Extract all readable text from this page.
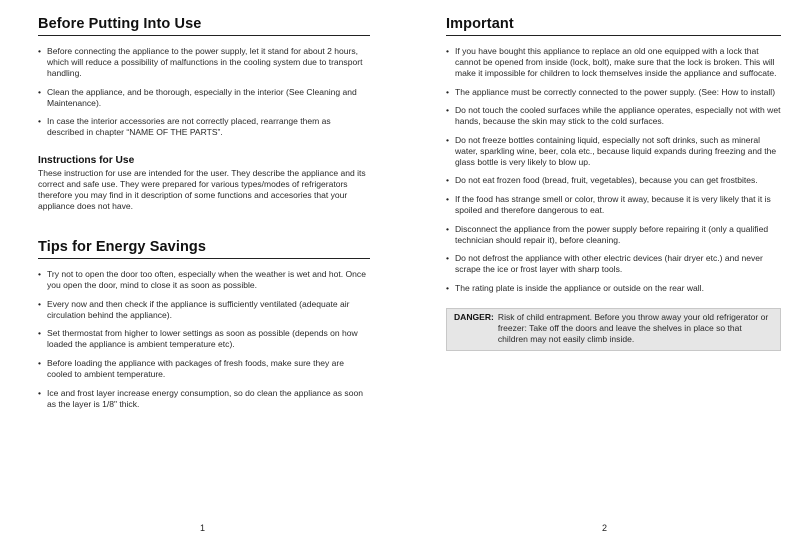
Before Putting Into Use
• Before connecting the appliance to the power supply, let it stand for about 2 hours, which will reduce a possibility of malfunctions in the cooling system due to transport handling.
• Clean the appliance, and be thorough, especially in the interior (See Cleaning and Maintenance).
• In case the interior accessories are not correctly placed, rearrange them as described in chapter “NAME OF THE PARTS”.
Instructions for Use

These instruction for use are intended for the user. They describe the appliance and its correct and safe use. They were prepared for various types/modes of refrigerators therefore you may find in it description of some functions and accesories that your appliance does not have.

Tips for Energy Savings
• Try not to open the door too often, especially when the weather is wet and hot. Once you open the door, mind to close it as soon as possible.
• Every now and then check if the appliance is sufficiently ventilated (adequate air circulation behind the appliance).
• Set thermostat from higher to lower settings as soon as possible (depends on how loaded the appliance is ambient temperature etc).
• Before loading the appliance with packages of fresh foods, make sure they are cooled to ambient temperature.
• Ice and frost layer increase energy consumption, so do clean the appliance as soon as the layer is 1/8" thick.
1
Important
• If you have bought this appliance to replace an old one equipped with a lock that cannot be opened from inside (lock, bolt), make sure that the lock is broken. This will make it impossible for children to lock themselves inside the appliance and suffocate.
• The appliance must be correctly connected to the power supply. (See: How to install)
• Do not touch the cooled surfaces while the appliance operates, especially not with wet hands, because the skin may stick to the cold surfaces.
• Do not freeze bottles containing liquid, especially not soft drinks, such as mineral water, sparkling wine, beer, cola etc., because liquid expands during freezing and the glass bottle is very likely to blow up.
• Do not eat frozen food (bread, fruit, vegetables), because you can get frostbites.
• If the food has strange smell or color, throw it away, because it is very likely that it is spoiled and therefore dangerous to eat.
• Disconnect the appliance from the power supply before repairing it (only a qualified technician should repair it), before cleaning.
• Do not defrost the appliance with other electric devices (hair dryer etc.) and never scrape the ice or frost layer with sharp tools.
• The rating plate is inside the appliance or outside on the rear wall.
DANGER: Risk of child entrapment. Before you throw away your old refrigerator or freezer: Take off the doors and leave the shelves in place so that children may not easily climb inside.
2
